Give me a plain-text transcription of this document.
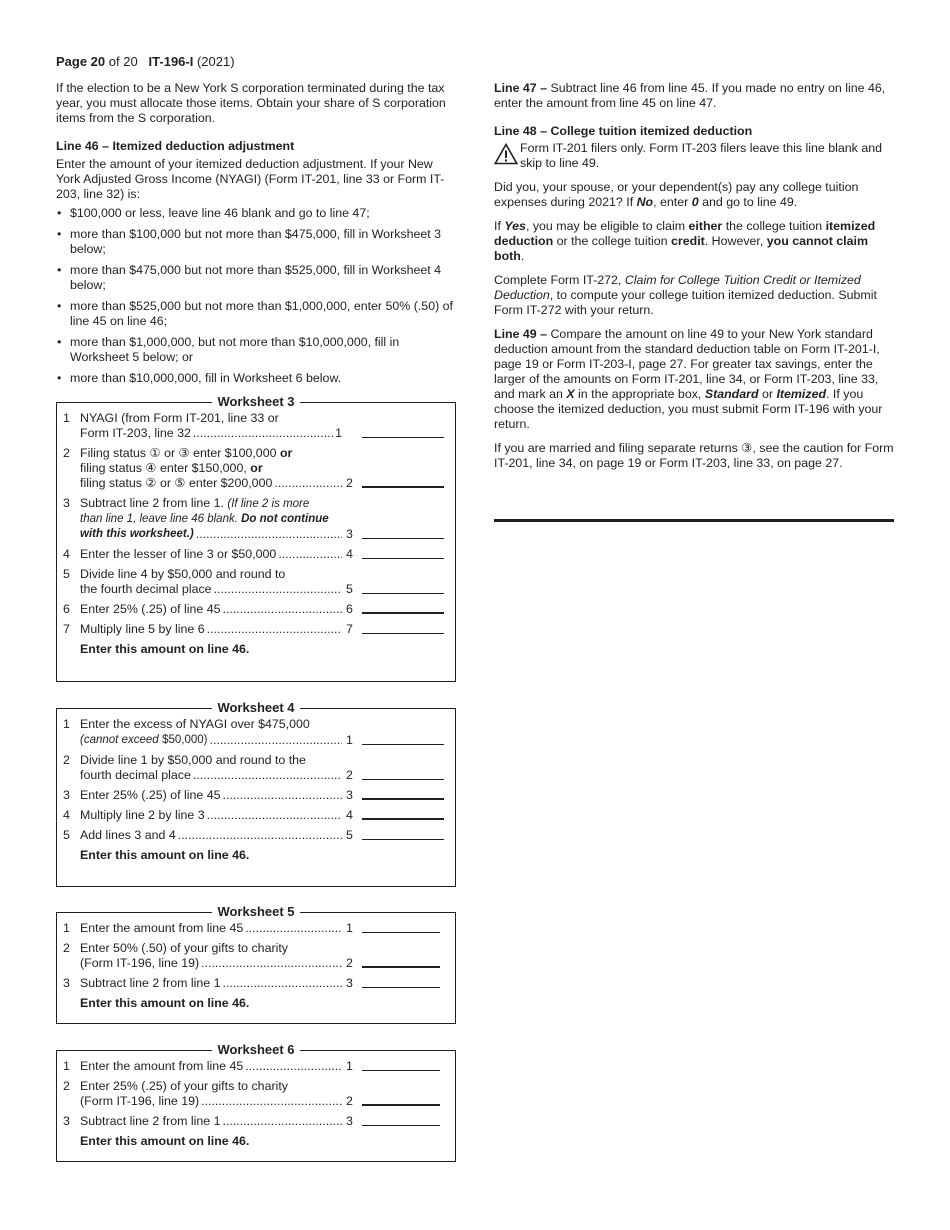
Page 20 of 20 IT-196-I (2021)

If the election to be a New York S corporation terminated during the tax year, you must allocate those items. Obtain your share of S corporation items from the S corporation.

Line 46 – Itemized deduction adjustment

Enter the amount of your itemized deduction adjustment. If your New York Adjusted Gross Income (NYAGI) (Form IT-201, line 33 or Form IT-203, line 32) is:

• $100,000 or less, leave line 46 blank and go to line 47;
• more than $100,000 but not more than $475,000, fill in Worksheet 3 below;
• more than $475,000 but not more than $525,000, fill in Worksheet 4 below;
• more than $525,000 but not more than $1,000,000, enter 50% (.50) of line 45 on line 46;
• more than $1,000,000, but not more than $10,000,000, fill in Worksheet 5 below; or
• more than $10,000,000, fill in Worksheet 6 below.
Worksheet 3
1 NYAGI (from Form IT-201, line 33 or
Form IT-203, line 32 .....	1
2 Filing status ① or ③ enter $100,000 or
filing status ④ enter $150,000, or
filing status ② or ⑤ enter $200,000 .....	2
3 Subtract line 2 from line 1. (If line 2 is more
than line 1, leave line 46 blank. Do not continue
with this worksheet.) .....	3
4 Enter the lesser of line 3 or $50,000 .....	4
5 Divide line 4 by $50,000 and round to
the fourth decimal place .....	5
6 Enter 25% (.25) of line 45 .....	6
7 Multiply line 5 by line 6 .....	7
Enter this amount on line 46.
Worksheet 4
1 Enter the excess of NYAGI over $475,000
(cannot exceed $50,000) .....	1
2 Divide line 1 by $50,000 and round to the
fourth decimal place .....	2
3 Enter 25% (.25) of line 45 .....	3
4 Multiply line 2 by line 3 .....	4
5 Add lines 3 and 4 .....	5
Enter this amount on line 46.
Worksheet 5
1 Enter the amount from line 45 .....	1
2 Enter 50% (.50) of your gifts to charity
(Form IT-196, line 19) .....	2
3 Subtract line 2 from line 1 .....	3
Enter this amount on line 46.
Worksheet 6
1 Enter the amount from line 45 .....	1
2 Enter 25% (.25) of your gifts to charity
(Form IT-196, line 19) .....	2
3 Subtract line 2 from line 1 .....	3
Enter this amount on line 46.

Line 47 – Subtract line 46 from line 45. If you made no entry on line 46, enter the amount from line 45 on line 47.

Line 48 – College tuition itemized deduction

Form IT-201 filers only. Form IT-203 filers leave this line blank and skip to line 49.

Did you, your spouse, or your dependent(s) pay any college tuition expenses during 2021? If No, enter 0 and go to line 49.

If Yes, you may be eligible to claim either the college tuition itemized deduction or the college tuition credit. However, you cannot claim both.

Complete Form IT-272, Claim for College Tuition Credit or Itemized Deduction, to compute your college tuition itemized deduction. Submit Form IT-272 with your return.

Line 49 – Compare the amount on line 49 to your New York standard deduction amount from the standard deduction table on Form IT-201-I, page 19 or Form IT-203-I, page 27. For greater tax savings, enter the larger of the amounts on Form IT-201, line 34, or Form IT-203, line 33, and mark an X in the appropriate box, Standard or Itemized. If you choose the itemized deduction, you must submit Form IT-196 with your return.

If you are married and filing separate returns ③, see the caution for Form IT-201, line 34, on page 19 or Form IT-203, line 33, on page 27.
